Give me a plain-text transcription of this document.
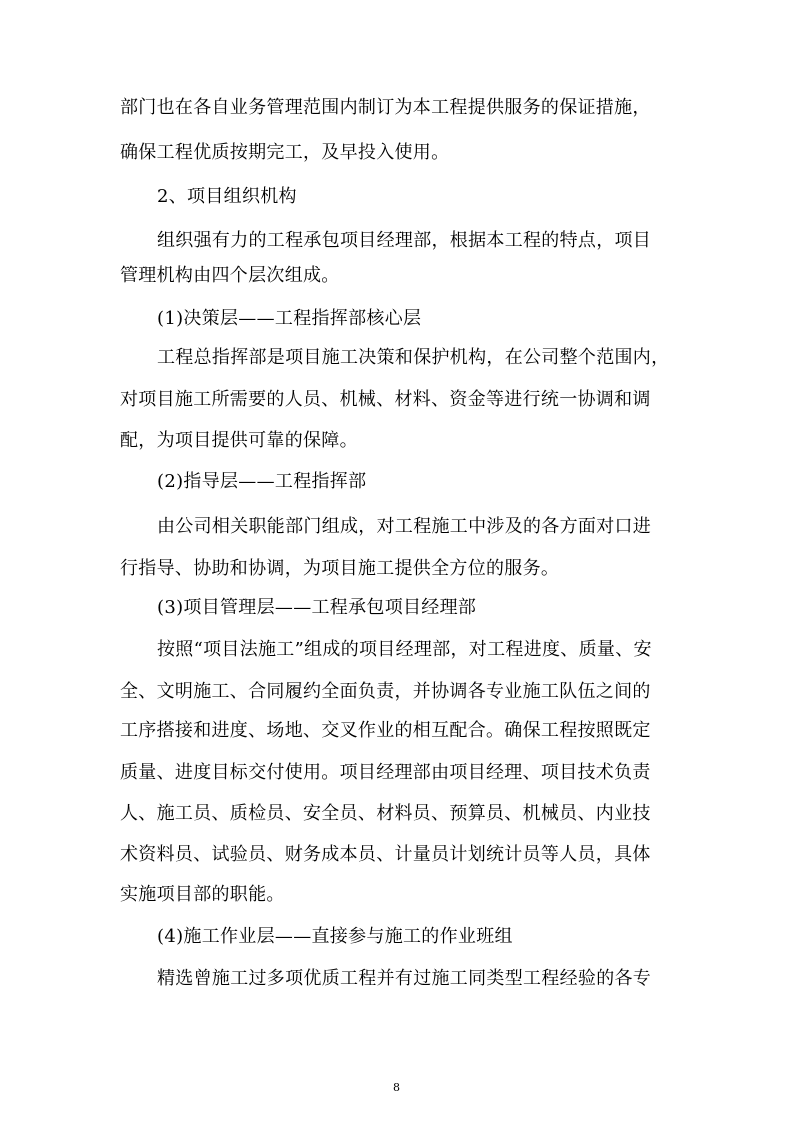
部门也在各自业务管理范围内制订为本工程提供服务的保证措施，
确保工程优质按期完工，及早投入使用。
2、项目组织机构
组织强有力的工程承包项目经理部，根据本工程的特点，项目
管理机构由四个层次组成。
(1)决策层——工程指挥部核心层
工程总指挥部是项目施工决策和保护机构，在公司整个范围内，
对项目施工所需要的人员、机械、材料、资金等进行统一协调和调
配，为项目提供可靠的保障。
(2)指导层——工程指挥部
由公司相关职能部门组成，对工程施工中涉及的各方面对口进
行指导、协助和协调，为项目施工提供全方位的服务。
(3)项目管理层——工程承包项目经理部
按照“项目法施工”组成的项目经理部，对工程进度、质量、安
全、文明施工、合同履约全面负责，并协调各专业施工队伍之间的
工序搭接和进度、场地、交叉作业的相互配合。确保工程按照既定
质量、进度目标交付使用。项目经理部由项目经理、项目技术负责
人、施工员、质检员、安全员、材料员、预算员、机械员、内业技
术资料员、试验员、财务成本员、计量员计划统计员等人员，具体
实施项目部的职能。
(4)施工作业层——直接参与施工的作业班组
精选曾施工过多项优质工程并有过施工同类型工程经验的各专
8
